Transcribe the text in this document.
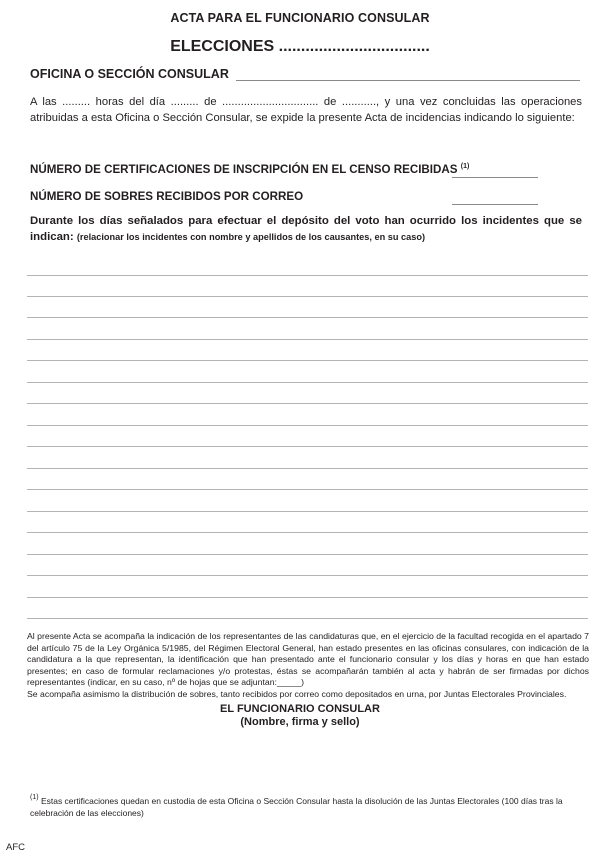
ACTA PARA EL FUNCIONARIO CONSULAR
ELECCIONES ..................................
OFICINA O SECCIÓN CONSULAR
A las ......... horas del día ......... de ............................... de ..........., y una vez concluidas las operaciones atribuidas a esta Oficina o Sección Consular, se expide la presente Acta de incidencias indicando lo siguiente:
NÚMERO DE CERTIFICACIONES DE INSCRIPCIÓN EN EL CENSO RECIBIDAS $^{(1)}$
NÚMERO DE SOBRES RECIBIDOS POR CORREO
Durante los días señalados para efectuar el depósito del voto han ocurrido los incidentes que se indican: (relacionar los incidentes con nombre y apellidos de los causantes, en su caso)
Al presente Acta se acompaña la indicación de los representantes de las candidaturas que, en el ejercicio de la facultad recogida en el apartado 7 del artículo 75 de la Ley Orgánica 5/1985, del Régimen Electoral General, han estado presentes en las oficinas consulares, con indicación de la candidatura a la que representan, la identificación que han presentado ante el funcionario consular y los días y horas en que han estado presentes; en caso de formular reclamaciones y/o protestas, éstas se acompañarán también al acta y habrán de ser firmadas por dichos representantes (indicar, en su caso, nº de hojas que se adjuntan:_____)
Se acompaña asimismo la distribución de sobres, tanto recibidos por correo como depositados en urna, por Juntas Electorales Provinciales.
EL FUNCIONARIO CONSULAR
(Nombre, firma y sello)
$^{(1)}$ Estas certificaciones quedan en custodia de esta Oficina o Sección Consular hasta la disolución de las Juntas Electorales (100 días tras la celebración de las elecciones)
AFC
